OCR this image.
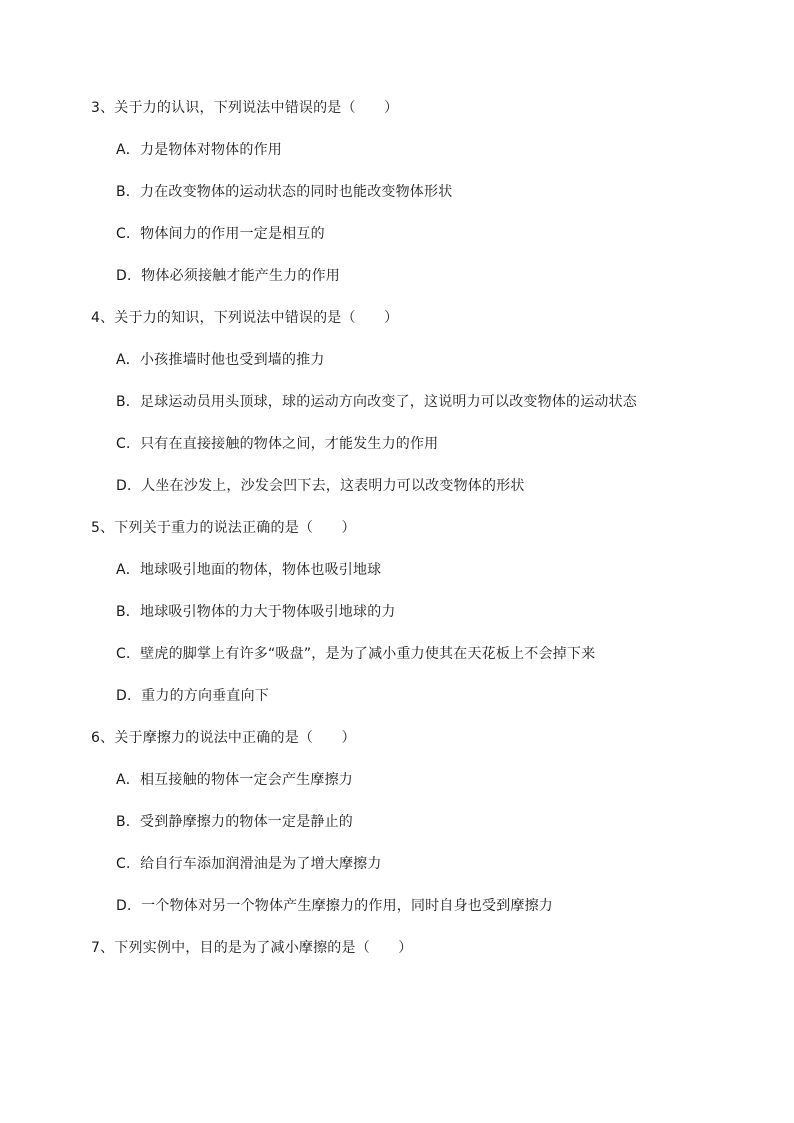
3、关于力的认识，下列说法中错误的是（　　）
A．力是物体对物体的作用
B．力在改变物体的运动状态的同时也能改变物体形状
C．物体间力的作用一定是相互的
D．物体必须接触才能产生力的作用
4、关于力的知识，下列说法中错误的是（　　）
A．小孩推墙时他也受到墙的推力
B．足球运动员用头顶球，球的运动方向改变了，这说明力可以改变物体的运动状态
C．只有在直接接触的物体之间，才能发生力的作用
D．人坐在沙发上，沙发会凹下去，这表明力可以改变物体的形状
5、下列关于重力的说法正确的是（　　）
A．地球吸引地面的物体，物体也吸引地球
B．地球吸引物体的力大于物体吸引地球的力
C．壁虎的脚掌上有许多“吸盘”，是为了减小重力使其在天花板上不会掉下来
D．重力的方向垂直向下
6、关于摩擦力的说法中正确的是（　　）
A．相互接触的物体一定会产生摩擦力
B．受到静摩擦力的物体一定是静止的
C．给自行车添加润滑油是为了增大摩擦力
D．一个物体对另一个物体产生摩擦力的作用，同时自身也受到摩擦力
7、下列实例中，目的是为了减小摩擦的是（　　）
